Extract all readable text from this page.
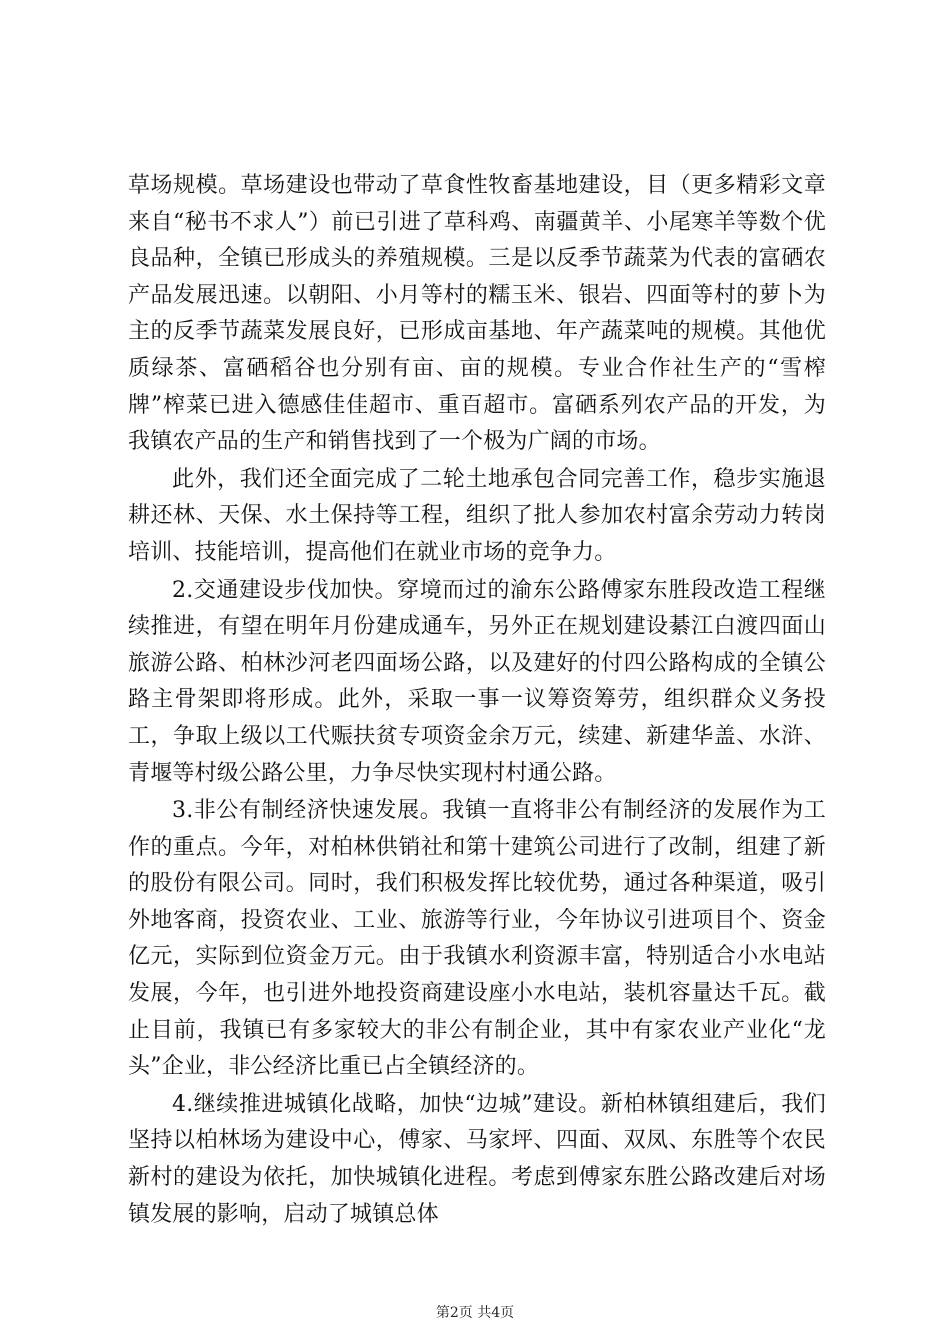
草场规模。草场建设也带动了草食性牧畜基地建设，目（更多精彩文章来自“秘书不求人”）前已引进了草科鸡、南疆黄羊、小尾寒羊等数个优良品种，全镇已形成头的养殖规模。三是以反季节蔬菜为代表的富硒农产品发展迅速。以朝阳、小月等村的糯玉米、银岩、四面等村的萝卜为主的反季节蔬菜发展良好，已形成亩基地、年产蔬菜吨的规模。其他优质绿茶、富硒稻谷也分别有亩、亩的规模。专业合作社生产的“雪榨牌”榨菜已进入德感佳佳超市、重百超市。富硒系列农产品的开发，为我镇农产品的生产和销售找到了一个极为广阔的市场。

此外，我们还全面完成了二轮土地承包合同完善工作，稳步实施退耕还林、天保、水土保持等工程，组织了批人参加农村富余劳动力转岗培训、技能培训，提高他们在就业市场的竞争力。

2.交通建设步伐加快。穿境而过的渝东公路傅家东胜段改造工程继续推进，有望在明年月份建成通车，另外正在规划建设綦江白渡四面山旅游公路、柏林沙河老四面场公路，以及建好的付四公路构成的全镇公路主骨架即将形成。此外，采取一事一议筹资筹劳，组织群众义务投工，争取上级以工代赈扶贫专项资金余万元，续建、新建华盖、水浒、青堰等村级公路公里，力争尽快实现村村通公路。

3.非公有制经济快速发展。我镇一直将非公有制经济的发展作为工作的重点。今年，对柏林供销社和第十建筑公司进行了改制，组建了新的股份有限公司。同时，我们积极发挥比较优势，通过各种渠道，吸引外地客商，投资农业、工业、旅游等行业，今年协议引进项目个、资金亿元，实际到位资金万元。由于我镇水利资源丰富，特别适合小水电站发展，今年，也引进外地投资商建设座小水电站，装机容量达千瓦。截止目前，我镇已有多家较大的非公有制企业，其中有家农业产业化“龙头”企业，非公经济比重已占全镇经济的。

4.继续推进城镇化战略，加快“边城”建设。新柏林镇组建后，我们坚持以柏林场为建设中心，傅家、马家坪、四面、双凤、东胜等个农民新村的建设为依托，加快城镇化进程。考虑到傅家东胜公路改建后对场镇发展的影响，启动了城镇总体

第2页 共4页
